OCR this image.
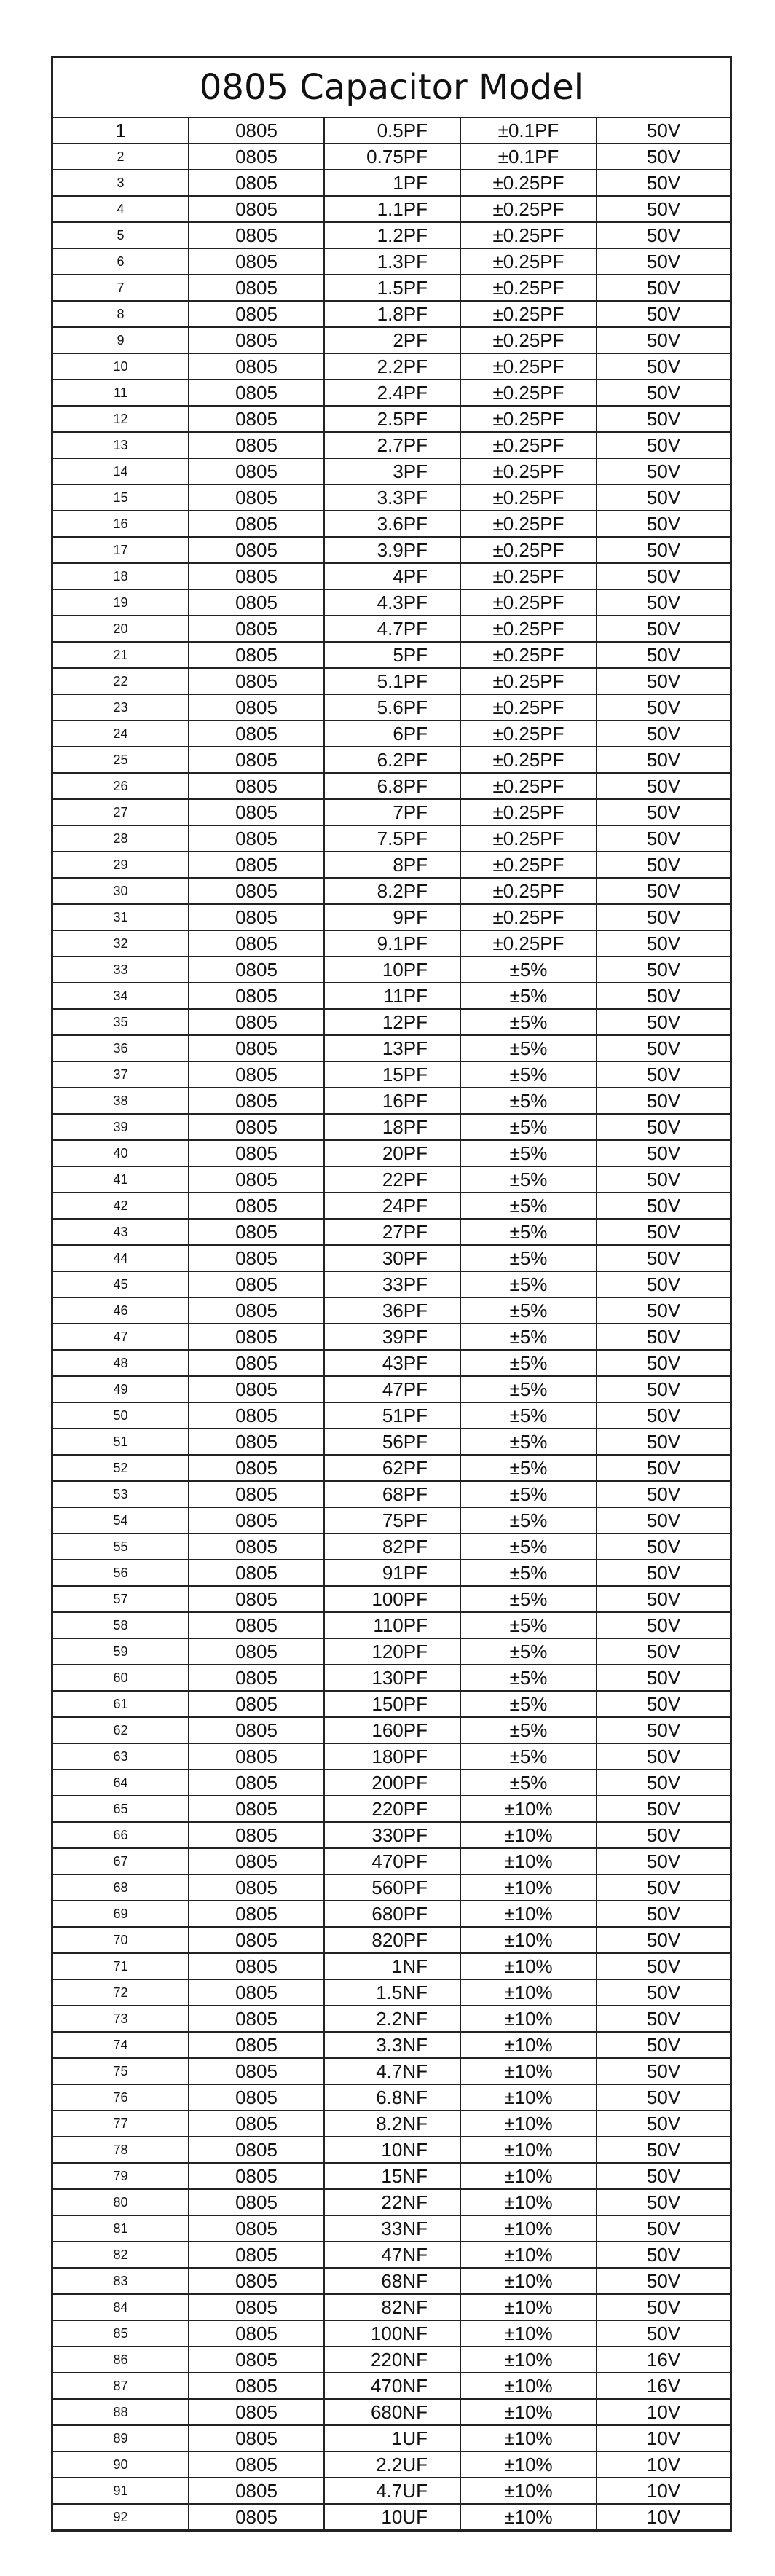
0805 Capacitor Model
1	0805	0.5PF	±0.1PF	50V
2	0805	0.75PF	±0.1PF	50V
3	0805	1PF	±0.25PF	50V
4	0805	1.1PF	±0.25PF	50V
5	0805	1.2PF	±0.25PF	50V
6	0805	1.3PF	±0.25PF	50V
7	0805	1.5PF	±0.25PF	50V
8	0805	1.8PF	±0.25PF	50V
9	0805	2PF	±0.25PF	50V
10	0805	2.2PF	±0.25PF	50V
11	0805	2.4PF	±0.25PF	50V
12	0805	2.5PF	±0.25PF	50V
13	0805	2.7PF	±0.25PF	50V
14	0805	3PF	±0.25PF	50V
15	0805	3.3PF	±0.25PF	50V
16	0805	3.6PF	±0.25PF	50V
17	0805	3.9PF	±0.25PF	50V
18	0805	4PF	±0.25PF	50V
19	0805	4.3PF	±0.25PF	50V
20	0805	4.7PF	±0.25PF	50V
21	0805	5PF	±0.25PF	50V
22	0805	5.1PF	±0.25PF	50V
23	0805	5.6PF	±0.25PF	50V
24	0805	6PF	±0.25PF	50V
25	0805	6.2PF	±0.25PF	50V
26	0805	6.8PF	±0.25PF	50V
27	0805	7PF	±0.25PF	50V
28	0805	7.5PF	±0.25PF	50V
29	0805	8PF	±0.25PF	50V
30	0805	8.2PF	±0.25PF	50V
31	0805	9PF	±0.25PF	50V
32	0805	9.1PF	±0.25PF	50V
33	0805	10PF	±5%	50V
34	0805	11PF	±5%	50V
35	0805	12PF	±5%	50V
36	0805	13PF	±5%	50V
37	0805	15PF	±5%	50V
38	0805	16PF	±5%	50V
39	0805	18PF	±5%	50V
40	0805	20PF	±5%	50V
41	0805	22PF	±5%	50V
42	0805	24PF	±5%	50V
43	0805	27PF	±5%	50V
44	0805	30PF	±5%	50V
45	0805	33PF	±5%	50V
46	0805	36PF	±5%	50V
47	0805	39PF	±5%	50V
48	0805	43PF	±5%	50V
49	0805	47PF	±5%	50V
50	0805	51PF	±5%	50V
51	0805	56PF	±5%	50V
52	0805	62PF	±5%	50V
53	0805	68PF	±5%	50V
54	0805	75PF	±5%	50V
55	0805	82PF	±5%	50V
56	0805	91PF	±5%	50V
57	0805	100PF	±5%	50V
58	0805	110PF	±5%	50V
59	0805	120PF	±5%	50V
60	0805	130PF	±5%	50V
61	0805	150PF	±5%	50V
62	0805	160PF	±5%	50V
63	0805	180PF	±5%	50V
64	0805	200PF	±5%	50V
65	0805	220PF	±10%	50V
66	0805	330PF	±10%	50V
67	0805	470PF	±10%	50V
68	0805	560PF	±10%	50V
69	0805	680PF	±10%	50V
70	0805	820PF	±10%	50V
71	0805	1NF	±10%	50V
72	0805	1.5NF	±10%	50V
73	0805	2.2NF	±10%	50V
74	0805	3.3NF	±10%	50V
75	0805	4.7NF	±10%	50V
76	0805	6.8NF	±10%	50V
77	0805	8.2NF	±10%	50V
78	0805	10NF	±10%	50V
79	0805	15NF	±10%	50V
80	0805	22NF	±10%	50V
81	0805	33NF	±10%	50V
82	0805	47NF	±10%	50V
83	0805	68NF	±10%	50V
84	0805	82NF	±10%	50V
85	0805	100NF	±10%	50V
86	0805	220NF	±10%	16V
87	0805	470NF	±10%	16V
88	0805	680NF	±10%	10V
89	0805	1UF	±10%	10V
90	0805	2.2UF	±10%	10V
91	0805	4.7UF	±10%	10V
92	0805	10UF	±10%	10V
